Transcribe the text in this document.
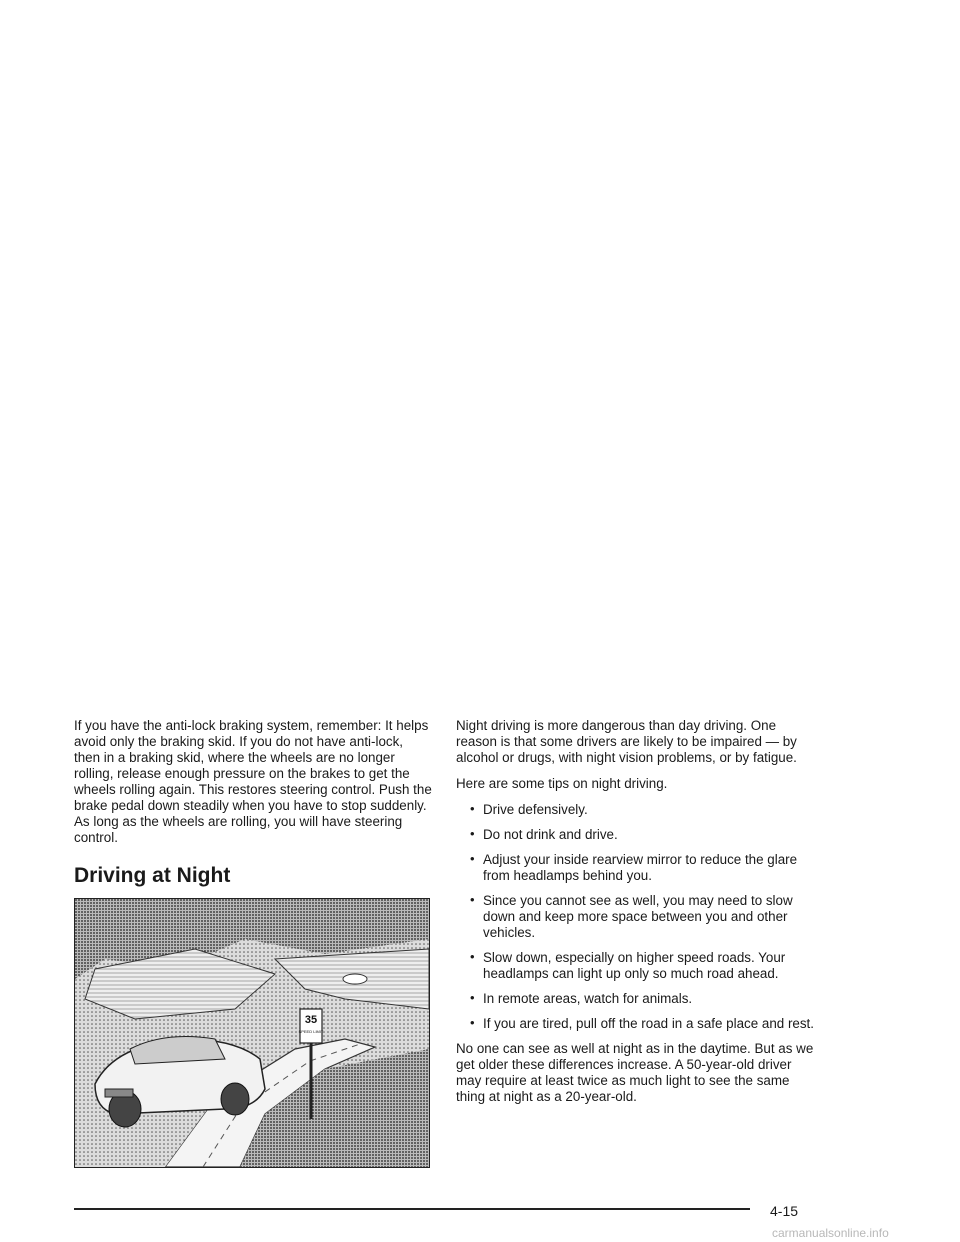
If you have the anti-lock braking system, remember: It helps avoid only the braking skid. If you do not have anti-lock, then in a braking skid, where the wheels are no longer rolling, release enough pressure on the brakes to get the wheels rolling again. This restores steering control. Push the brake pedal down steadily when you have to stop suddenly. As long as the wheels are rolling, you will have steering control.

Driving at Night
35
SPEED LIMIT

Night driving is more dangerous than day driving. One reason is that some drivers are likely to be impaired — by alcohol or drugs, with night vision problems, or by fatigue.

Here are some tips on night driving.

• Drive defensively.
• Do not drink and drive.
• Adjust your inside rearview mirror to reduce the glare from headlamps behind you.
• Since you cannot see as well, you may need to slow down and keep more space between you and other vehicles.
• Slow down, especially on higher speed roads. Your headlamps can light up only so much road ahead.
• In remote areas, watch for animals.
• If you are tired, pull off the road in a safe place and rest.

No one can see as well at night as in the daytime. But as we get older these differences increase. A 50-year-old driver may require at least twice as much light to see the same thing at night as a 20-year-old.

4-15
carmanualsonline.info
